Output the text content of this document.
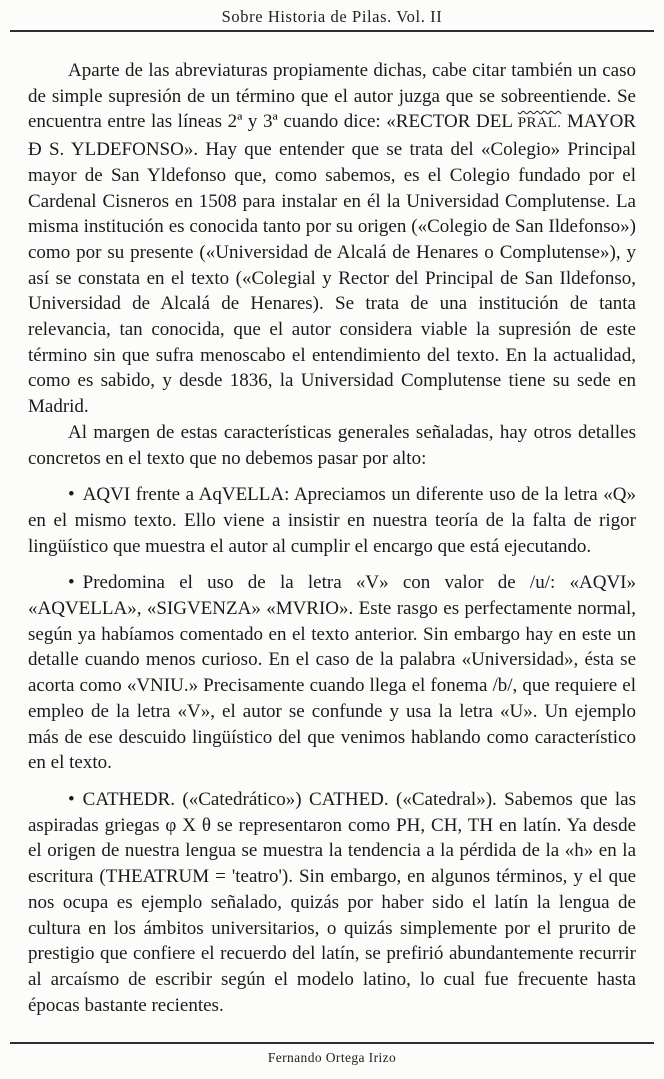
Sobre Historia de Pilas. Vol. II

Aparte de las abreviaturas propiamente dichas, cabe citar también un caso de simple supresión de un término que el autor juzga que se sobreentiende. Se encuentra entre las líneas 2ª y 3ª cuando dice: «RECTOR DEL PRAL. MAYOR Đ S. YLDEFONSO». Hay que entender que se trata del «Colegio» Principal mayor de San Yldefonso que, como sabemos, es el Colegio fundado por el Cardenal Cisneros en 1508 para instalar en él la Universidad Complutense. La misma institución es conocida tanto por su origen («Colegio de San Ildefonso») como por su presente («Universidad de Alcalá de Henares o Complutense»), y así se constata en el texto («Colegial y Rector del Principal de San Ildefonso, Universidad de Alcalá de Henares). Se trata de una institución de tanta relevancia, tan conocida, que el autor considera viable la supresión de este término sin que sufra menoscabo el entendimiento del texto. En la actualidad, como es sabido, y desde 1836, la Universidad Complutense tiene su sede en Madrid.

Al margen de estas características generales señaladas, hay otros detalles concretos en el texto que no debemos pasar por alto:

• AQVI frente a AqVELLA: Apreciamos un diferente uso de la letra «Q» en el mismo texto. Ello viene a insistir en nuestra teoría de la falta de rigor lingüístico que muestra el autor al cumplir el encargo que está ejecutando.

• Predomina el uso de la letra «V» con valor de /u/: «AQVI» «AQVELLA», «SIGVENZA» «MVRIO». Este rasgo es perfectamente normal, según ya habíamos comentado en el texto anterior. Sin embargo hay en este un detalle cuando menos curioso. En el caso de la palabra «Universidad», ésta se acorta como «VNIU.» Precisamente cuando llega el fonema /b/, que requiere el empleo de la letra «V», el autor se confunde y usa la letra «U». Un ejemplo más de ese descuido lingüístico del que venimos hablando como característico en el texto.

• CATHEDR. («Catedrático») CATHED. («Catedral»). Sabemos que las aspiradas griegas φ Χ θ se representaron como PH, CH, TH en latín. Ya desde el origen de nuestra lengua se muestra la tendencia a la pérdida de la «h» en la escritura (THEATRUM = 'teatro'). Sin embargo, en algunos términos, y el que nos ocupa es ejemplo señalado, quizás por haber sido el latín la lengua de cultura en los ámbitos universitarios, o quizás simplemente por el prurito de prestigio que confiere el recuerdo del latín, se prefirió abundantemente recurrir al arcaísmo de escribir según el modelo latino, lo cual fue frecuente hasta épocas bastante recientes.

Fernando Ortega Irizo
